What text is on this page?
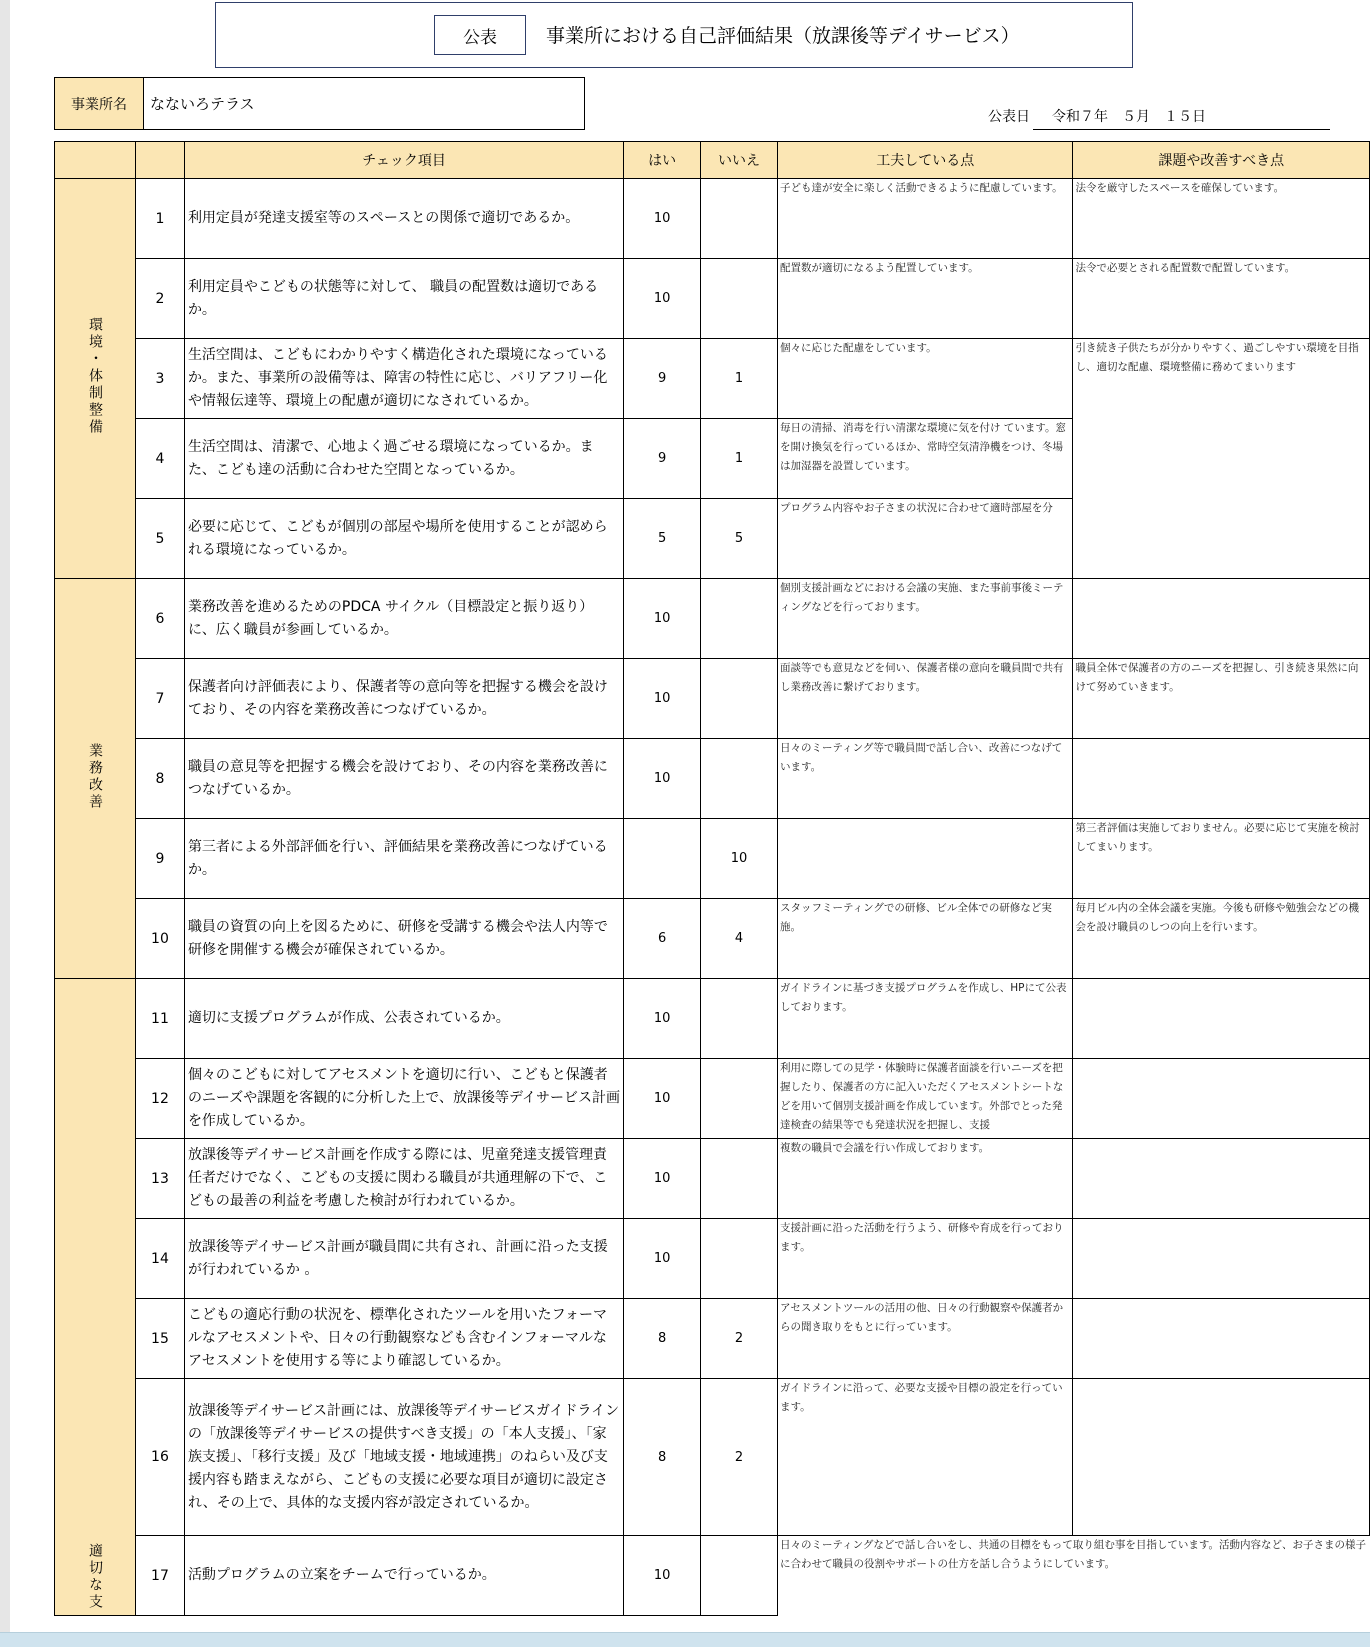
公表	事業所における自己評価結果（放課後等デイサービス）
事業所名	なないろテラス
公表日 令和７年　５月　１５日
		チェック項目	はい	いいえ	工夫している点	課題や改善すべき点
環境・体制整備	1	利用定員が発達支援室等のスペースとの関係で適切であるか。	10		子ども達が安全に楽しく活動できるように配慮しています。	法令を厳守したスペースを確保しています。
	2	利用定員やこどもの状態等に対して、 職員の配置数は適切であるか。	10		配置数が適切になるよう配置しています。	法令で必要とされる配置数で配置しています。
	3	生活空間は、こどもにわかりやすく構造化された環境になっているか。また、事業所の設備等は、障害の特性に応じ、バリアフリー化や情報伝達等、環境上の配慮が適切になされているか。	9	1	個々に応じた配慮をしています。	引き続き子供たちが分かりやすく、過ごしやすい環境を目指し、適切な配慮、環境整備に務めてまいります
	4	生活空間は、清潔で、心地よく過ごせる環境になっているか。また、こども達の活動に合わせた空間となっているか。	9	1	毎日の清掃、消毒を行い清潔な環境に気を付け ています。窓を開け換気を行っているほか、常時空気清浄機をつけ、冬場は加湿器を設置しています。	
	5	必要に応じて、こどもが個別の部屋や場所を使用することが認められる環境になっているか。	5	5	プログラム内容やお子さまの状況に合わせて適時部屋を分	
業務改善	6	業務改善を進めるためのPDCA サイクル（目標設定と振り返り）に、広く職員が参画しているか。	10		個別支援計画などにおける会議の実施、また事前事後ミーティングなどを行っております。	
	7	保護者向け評価表により、保護者等の意向等を把握する機会を設けており、その内容を業務改善につなげているか。	10		面談等でも意見などを伺い、保護者様の意向を職員間で共有し業務改善に繋げております。	職員全体で保護者の方のニーズを把握し、引き続き果然に向けて努めていきます。
	8	職員の意見等を把握する機会を設けており、その内容を業務改善につなげているか。	10		日々のミーティング等で職員間で話し合い、改善につなげています。	
	9	第三者による外部評価を行い、評価結果を業務改善につなげているか。		10		第三者評価は実施しておりません。必要に応じて実施を検討してまいります。
	10	職員の資質の向上を図るために、研修を受講する機会や法人内等で研修を開催する機会が確保されているか。	6	4	スタッフミーティングでの研修、ビル全体での研修など実施。	毎月ビル内の全体会議を実施。今後も研修や勉強会などの機会を設け職員のしつの向上を行います。
適切な支	11	適切に支援プログラムが作成、公表されているか。	10		ガイドラインに基づき支援プログラムを作成し、HPにて公表しております。	
	12	個々のこどもに対してアセスメントを適切に行い、こどもと保護者のニーズや課題を客観的に分析した上で、放課後等デイサービス計画を作成しているか。	10		利用に際しての見学・体験時に保護者面談を行いニーズを把握したり、保護者の方に記入いただくアセスメントシートなどを用いて個別支援計画を作成しています。外部でとった発達検査の結果等でも発達状況を把握し、支援	
	13	放課後等デイサービス計画を作成する際には、児童発達支援管理責任者だけでなく、こどもの支援に関わる職員が共通理解の下で、こどもの最善の利益を考慮した検討が行われているか。	10		複数の職員で会議を行い作成しております。	
	14	放課後等デイサービス計画が職員間に共有され、計画に沿った支援が行われているか 。	10		支援計画に沿った活動を行うよう、研修や育成を行っております。	
	15	こどもの適応行動の状況を、標準化されたツールを用いたフォーマルなアセスメントや、日々の行動観察なども含むインフォーマルなアセスメントを使用する等により確認しているか。	8	2	アセスメントツールの活用の他、日々の行動観察や保護者からの聞き取りをもとに行っています。	
	16	放課後等デイサービス計画には、放課後等デイサービスガイドラインの「放課後等デイサービスの提供すべき支援」の「本人支援」、「家族支援」、「移行支援」及び「地域支援・地域連携」のねらい及び支援内容も踏まえながら、こどもの支援に必要な項目が適切に設定され、その上で、具体的な支援内容が設定されているか。	8	2	ガイドラインに沿って、必要な支援や目標の設定を行っています。	
	17	活動プログラムの立案をチームで行っているか。	10		日々のミーティングなどで話し合いをし、共通の目標をもって取り組む事を目指しています。活動内容など、お子さまの様子に合わせて職員の役割やサポートの仕方を話し合うようにしています。	
